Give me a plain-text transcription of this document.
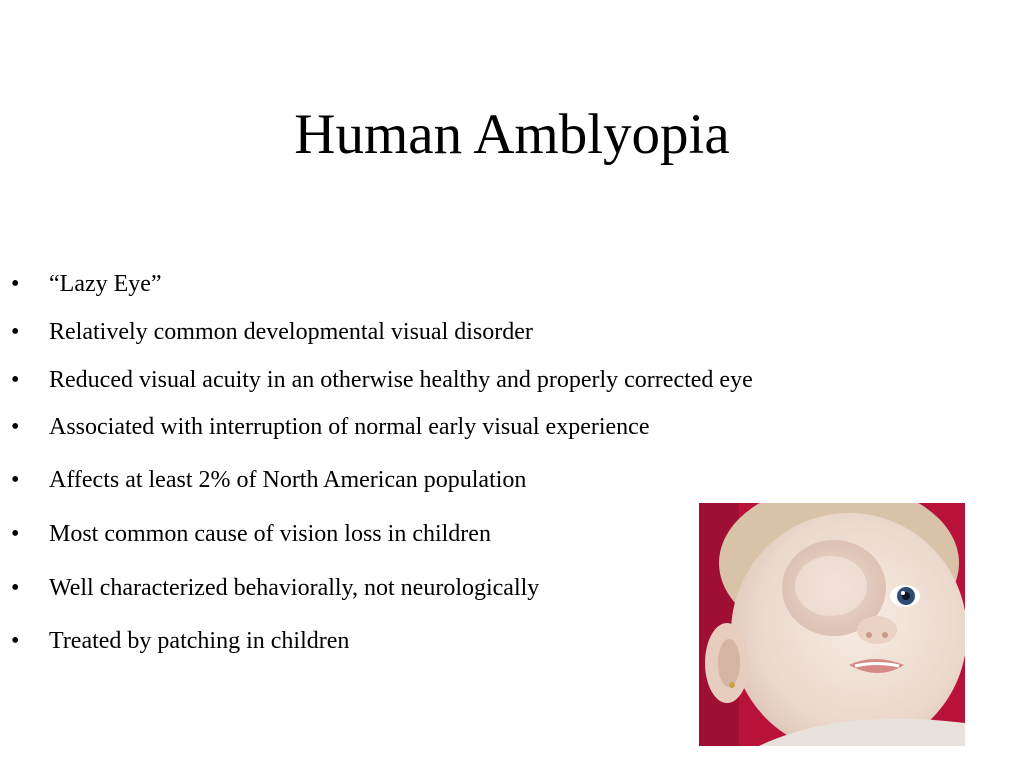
Human Amblyopia
• “Lazy Eye”
• Relatively common developmental visual disorder
• Reduced visual acuity in an otherwise healthy and properly corrected eye
• Associated with interruption of normal early visual experience
• Affects at least 2% of North American population
• Most common cause of vision loss in children
• Well characterized behaviorally, not neurologically
• Treated by patching in children
